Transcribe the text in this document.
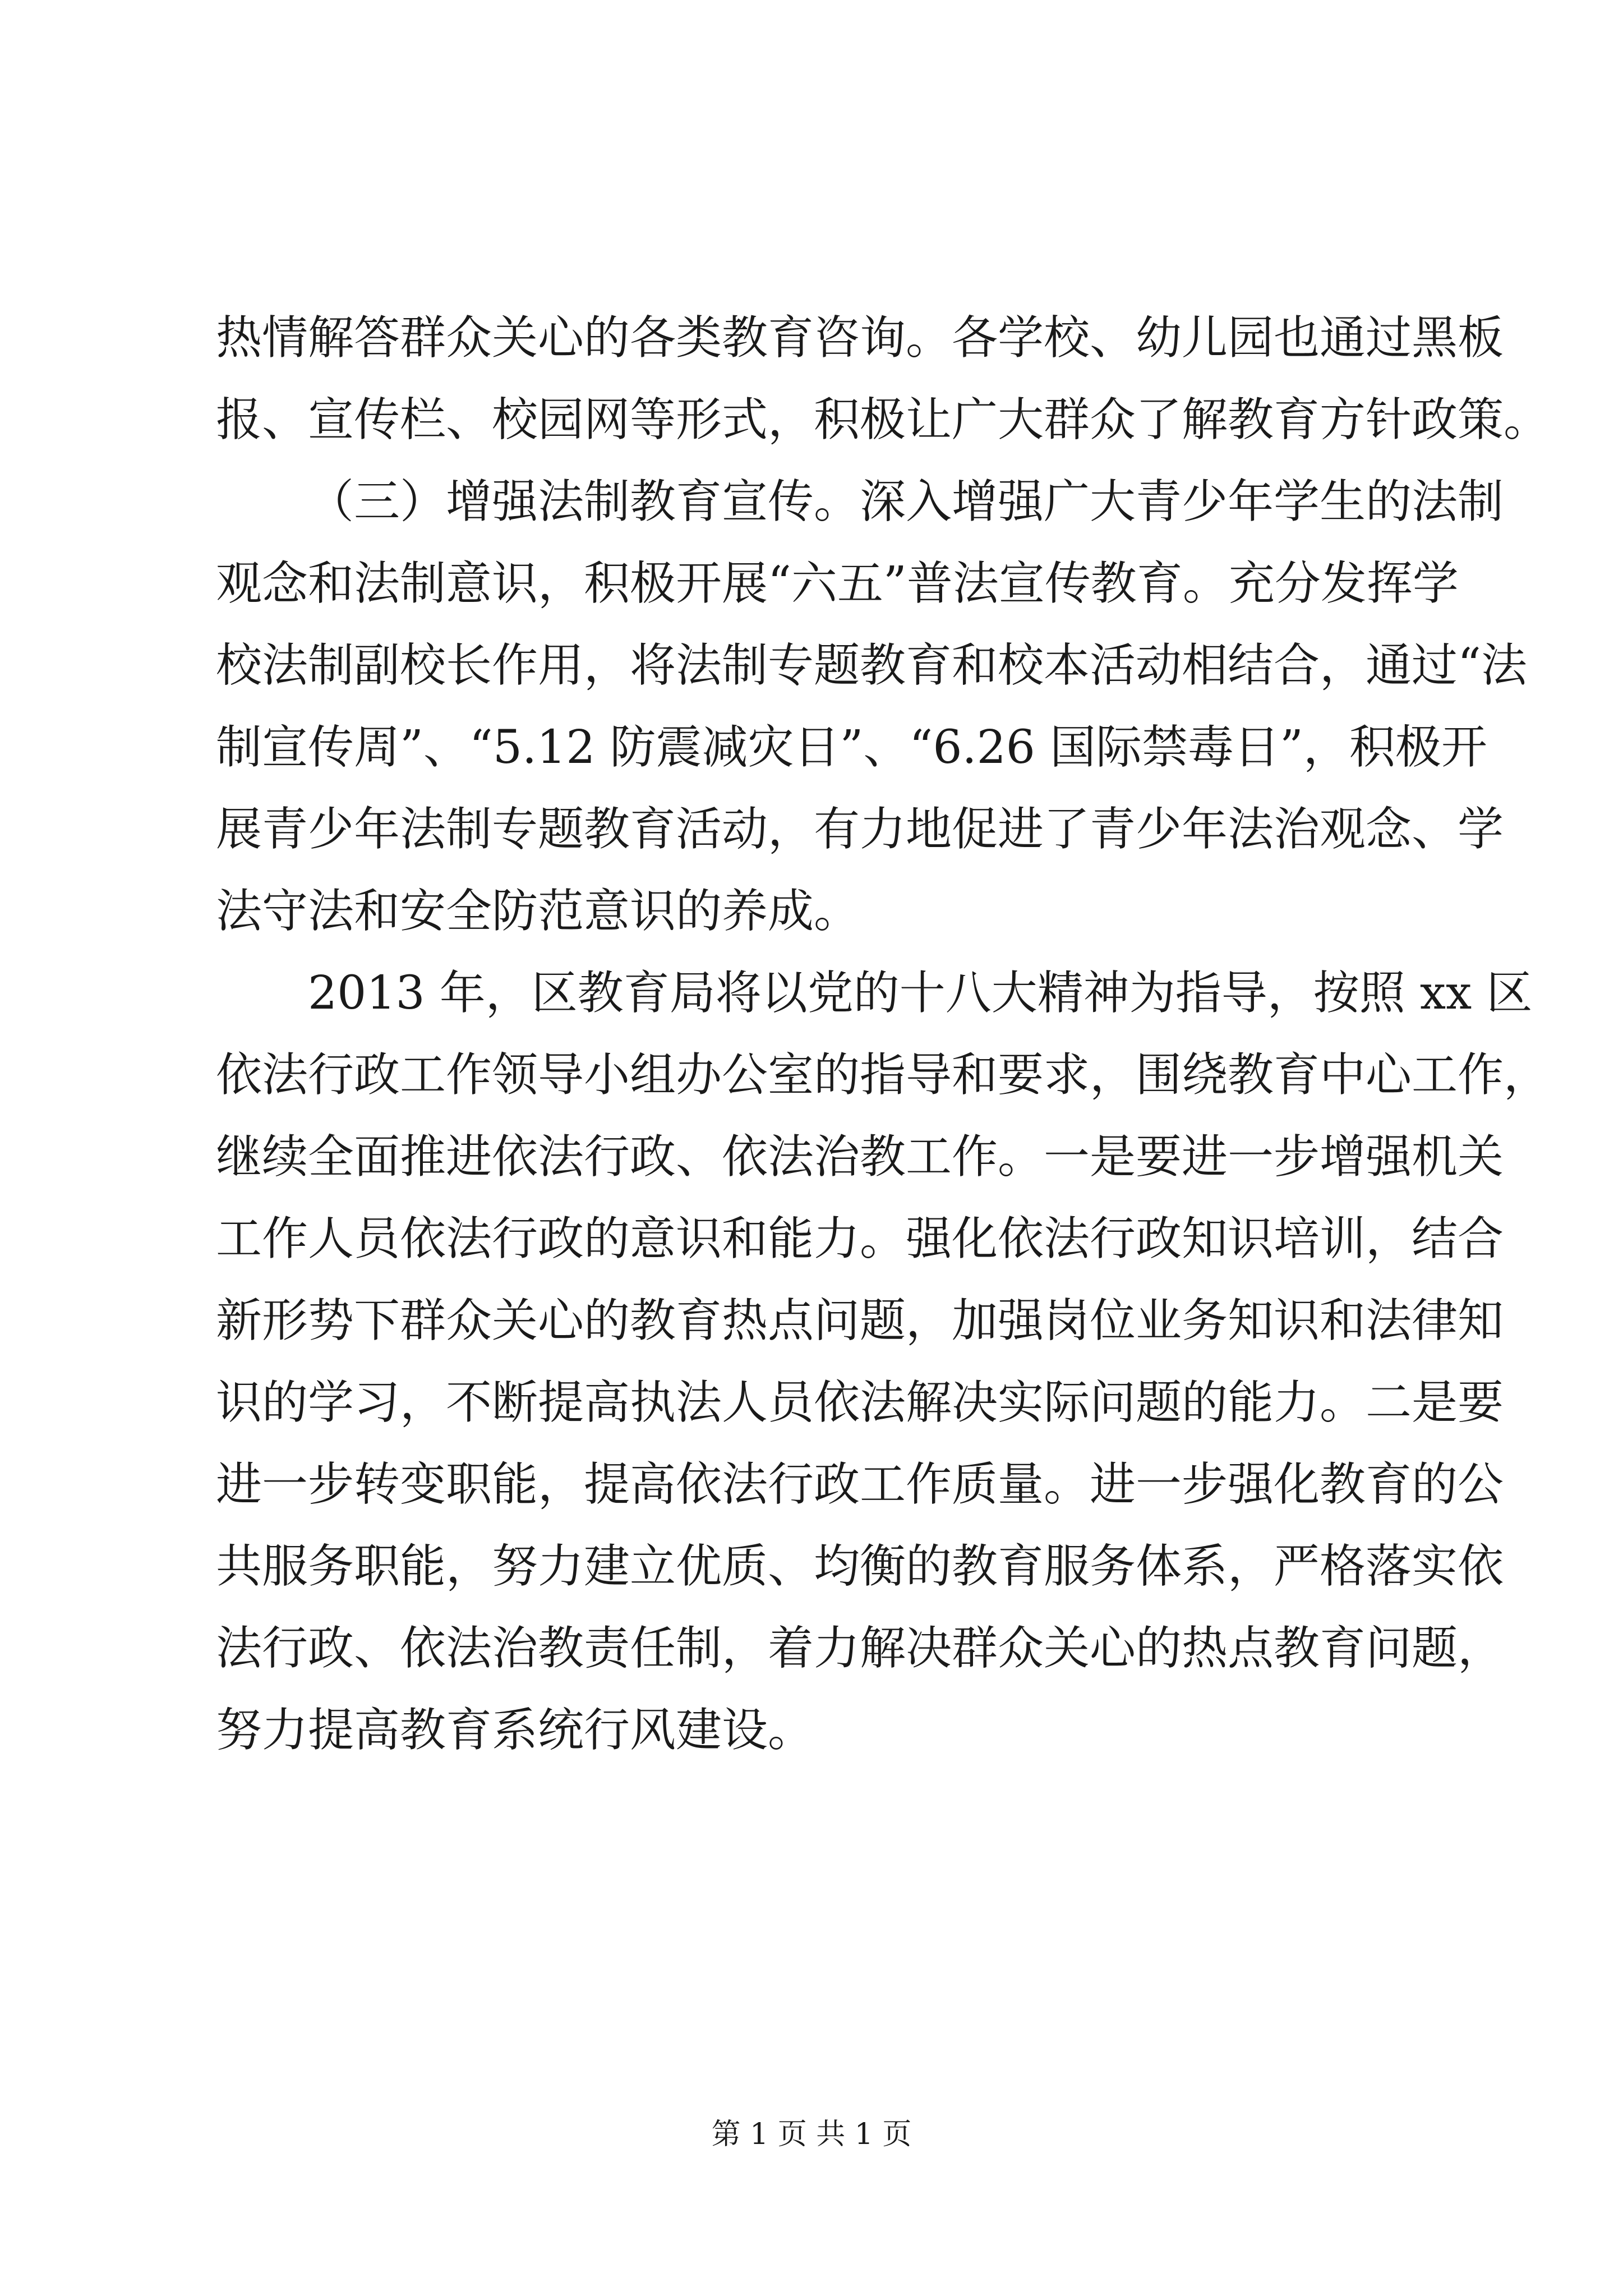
热情解答群众关心的各类教育咨询。各学校、幼儿园也通过黑板
报、宣传栏、校园网等形式，积极让广大群众了解教育方针政策。
（三）增强法制教育宣传。深入增强广大青少年学生的法制
观念和法制意识，积极开展“六五”普法宣传教育。充分发挥学
校法制副校长作用，将法制专题教育和校本活动相结合，通过“法
制宣传周”、“5.12 防震减灾日”、“6.26 国际禁毒日”，积极开
展青少年法制专题教育活动，有力地促进了青少年法治观念、学
法守法和安全防范意识的养成。
2013 年，区教育局将以党的十八大精神为指导，按照 xx 区
依法行政工作领导小组办公室的指导和要求，围绕教育中心工作，
继续全面推进依法行政、依法治教工作。一是要进一步增强机关
工作人员依法行政的意识和能力。强化依法行政知识培训，结合
新形势下群众关心的教育热点问题，加强岗位业务知识和法律知
识的学习，不断提高执法人员依法解决实际问题的能力。二是要
进一步转变职能，提高依法行政工作质量。进一步强化教育的公
共服务职能，努力建立优质、均衡的教育服务体系，严格落实依
法行政、依法治教责任制，着力解决群众关心的热点教育问题，
努力提高教育系统行风建设。
第 1 页 共 1 页
